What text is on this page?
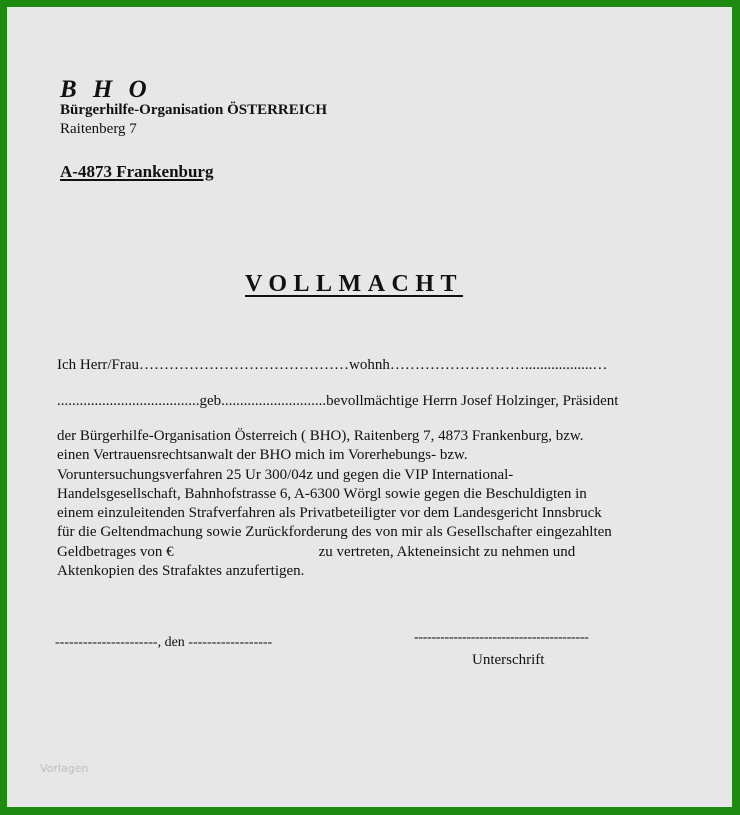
B H O
Bürgerhilfe-Organisation ÖSTERREICH
Raitenberg 7
A-4873 Frankenburg
VOLLMACHT
Ich Herr/Frau……………………………………wohnh………………………..................…
......................................geb............................bevollmächtige Herrn Josef Holzinger, Präsident
der Bürgerhilfe-Organisation Österreich ( BHO), Raitenberg 7, 4873 Frankenburg, bzw.
einen Vertrauensrechtsanwalt der BHO mich im Vorerhebungs- bzw.
Voruntersuchungsverfahren 25 Ur 300/04z und gegen die VIP International-
Handelsgesellschaft, Bahnhofstrasse 6, A-6300 Wörgl sowie gegen die Beschuldigten in
einem einzuleitenden Strafverfahren als Privatbeteiligter vor dem Landesgericht Innsbruck
für die Geltendmachung sowie Zurückforderung des von mir als Gesellschafter eingezahlten
Geldbetrages von €	zu vertreten, Akteneinsicht zu nehmen und
Aktenkopien des Strafaktes anzufertigen.
----------------------, den ------------------	----------------------------------------
Unterschrift
Vorlagen
